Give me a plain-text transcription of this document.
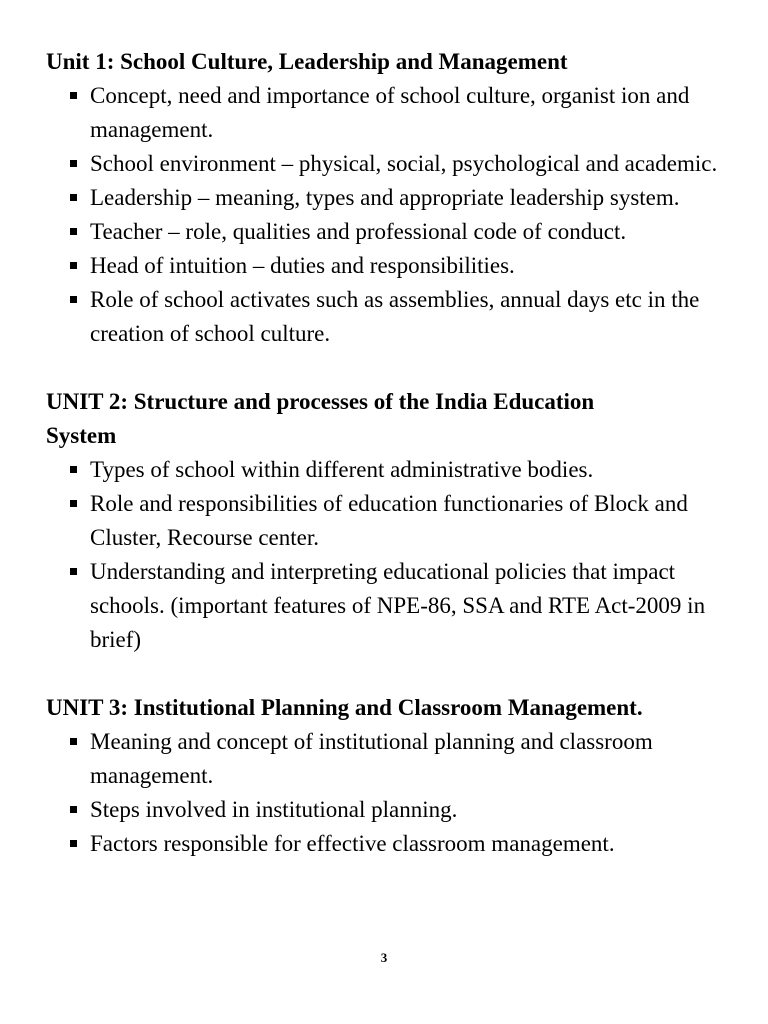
Unit 1: School Culture, Leadership and Management
Concept, need and importance of school culture, organist ion and management.
School environment – physical, social, psychological and academic.
Leadership – meaning, types and appropriate leadership system.
Teacher – role, qualities and professional code of conduct.
Head of intuition – duties and responsibilities.
Role of school activates such as assemblies, annual days etc in the creation of school culture.
UNIT 2: Structure and processes of the India Education System
Types of school within different administrative bodies.
Role and responsibilities of education functionaries of Block and Cluster, Recourse center.
Understanding and interpreting educational policies that impact schools. (important features of NPE-86, SSA and RTE Act-2009 in brief)
UNIT 3: Institutional Planning and Classroom Management.
Meaning and concept of institutional planning and classroom management.
Steps involved in institutional planning.
Factors responsible for effective classroom management.
3
